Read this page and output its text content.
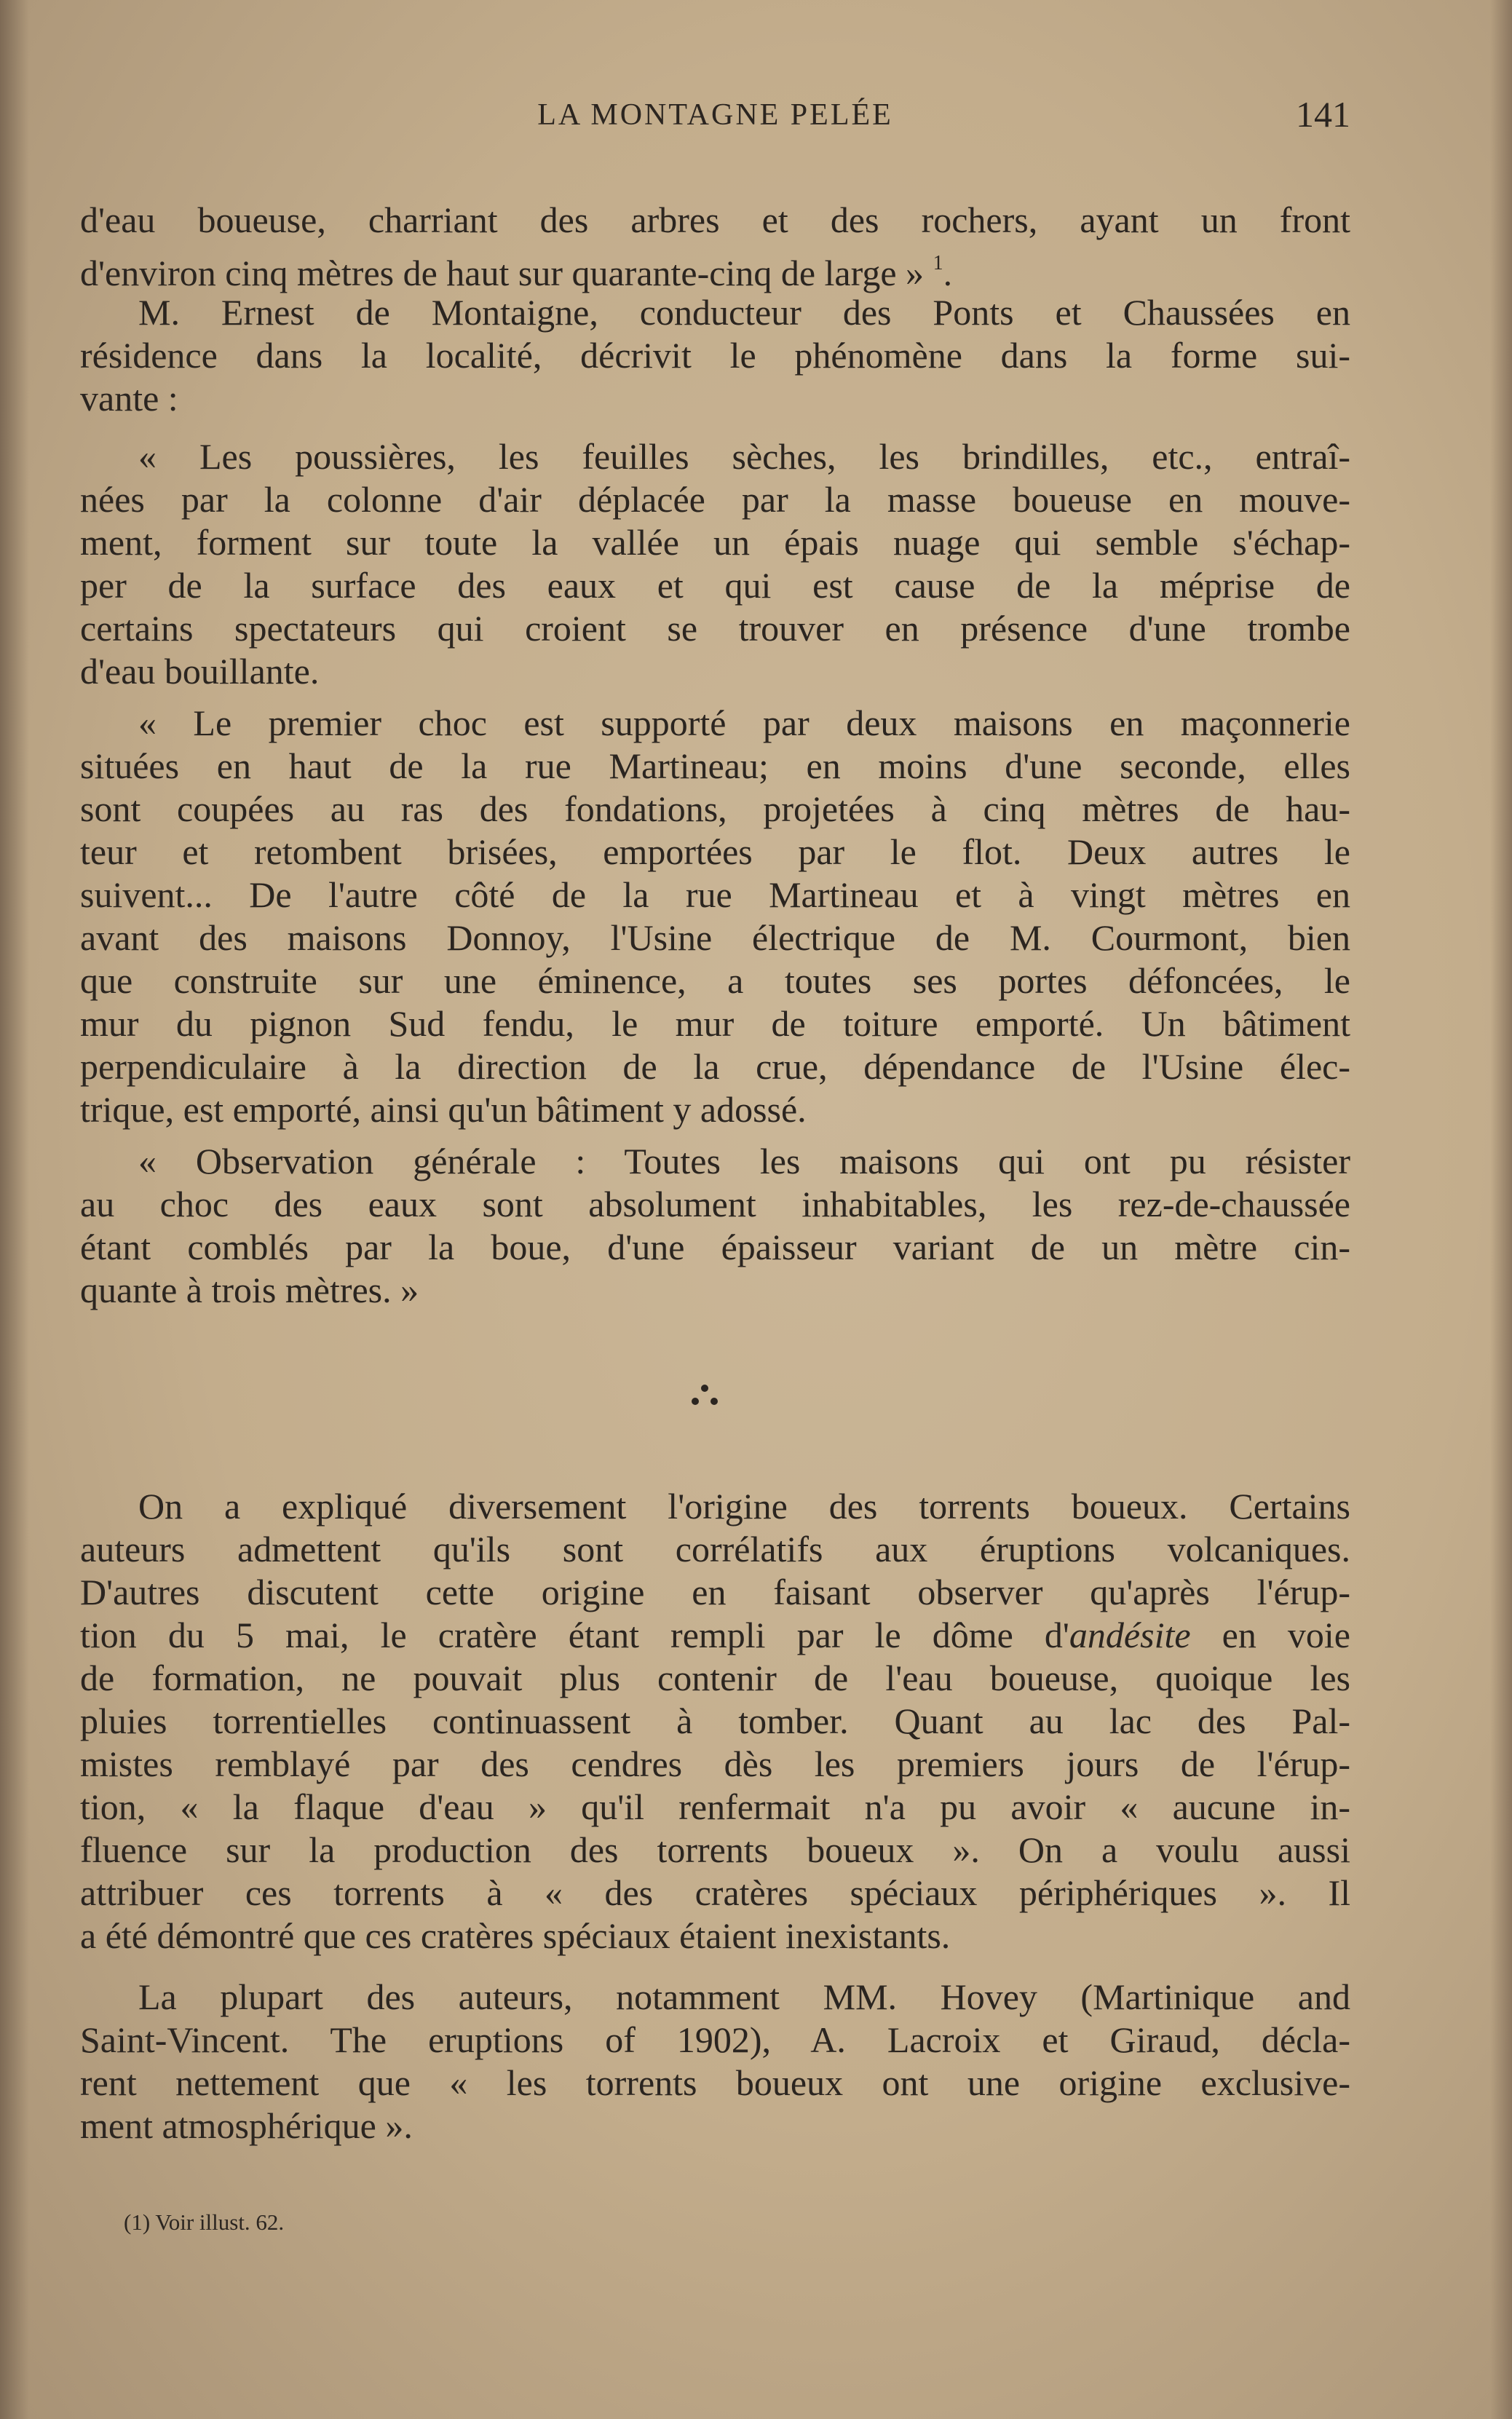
LA MONTAGNE PELÉE	141
d'eau boueuse, charriant des arbres et des rochers, ayant un front
d'environ cinq mètres de haut sur quarante-cinq de large » $^1$.
M. Ernest de Montaigne, conducteur des Ponts et Chaussées en
résidence dans la localité, décrivit le phénomène dans la forme sui-
vante :
« Les poussières, les feuilles sèches, les brindilles, etc., entraî-
nées par la colonne d'air déplacée par la masse boueuse en mouve-
ment, forment sur toute la vallée un épais nuage qui semble s'échap-
per de la surface des eaux et qui est cause de la méprise de
certains spectateurs qui croient se trouver en présence d'une trombe
d'eau bouillante.
« Le premier choc est supporté par deux maisons en maçonnerie
situées en haut de la rue Martineau; en moins d'une seconde, elles
sont coupées au ras des fondations, projetées à cinq mètres de hau-
teur et retombent brisées, emportées par le flot. Deux autres le
suivent... De l'autre côté de la rue Martineau et à vingt mètres en
avant des maisons Donnoy, l'Usine électrique de M. Courmont, bien
que construite sur une éminence, a toutes ses portes défoncées, le
mur du pignon Sud fendu, le mur de toiture emporté. Un bâtiment
perpendiculaire à la direction de la crue, dépendance de l'Usine élec-
trique, est emporté, ainsi qu'un bâtiment y adossé.
« Observation générale : Toutes les maisons qui ont pu résister
au choc des eaux sont absolument inhabitables, les rez-de-chaussée
étant comblés par la boue, d'une épaisseur variant de un mètre cin-
quante à trois mètres. »
On a expliqué diversement l'origine des torrents boueux. Certains
auteurs admettent qu'ils sont corrélatifs aux éruptions volcaniques.
D'autres discutent cette origine en faisant observer qu'après l'érup-
tion du 5 mai, le cratère étant rempli par le dôme d'andésite en voie
de formation, ne pouvait plus contenir de l'eau boueuse, quoique les
pluies torrentielles continuassent à tomber. Quant au lac des Pal-
mistes remblayé par des cendres dès les premiers jours de l'érup-
tion, « la flaque d'eau » qu'il renfermait n'a pu avoir « aucune in-
fluence sur la production des torrents boueux ». On a voulu aussi
attribuer ces torrents à « des cratères spéciaux périphériques ». Il
a été démontré que ces cratères spéciaux étaient inexistants.
La plupart des auteurs, notamment MM. Hovey (Martinique and
Saint-Vincent. The eruptions of 1902), A. Lacroix et Giraud, décla-
rent nettement que « les torrents boueux ont une origine exclusive-
ment atmosphérique ».
(1) Voir illust. 62.
